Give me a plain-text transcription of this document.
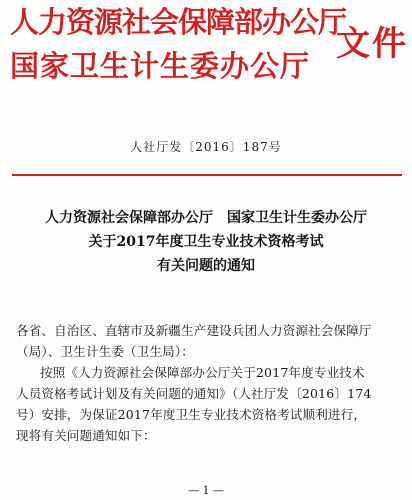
人力资源社会保障部办公厅
国家卫生计生委办公厅
文件
人社厅发〔2016〕187号
人力资源社会保障部办公厅　国家卫生计生委办公厅
关于2017年度卫生专业技术资格考试
有关问题的通知
各省、自治区、直辖市及新疆生产建设兵团人力资源社会保障厅
（局）、卫生计生委（卫生局）：
按照《人力资源社会保障部办公厅关于2017年度专业技术
人员资格考试计划及有关问题的通知》（人社厅发〔2016〕174
号）安排，为保证2017年度卫生专业技术资格考试顺利进行，
现将有关问题通知如下：
— 1 —
